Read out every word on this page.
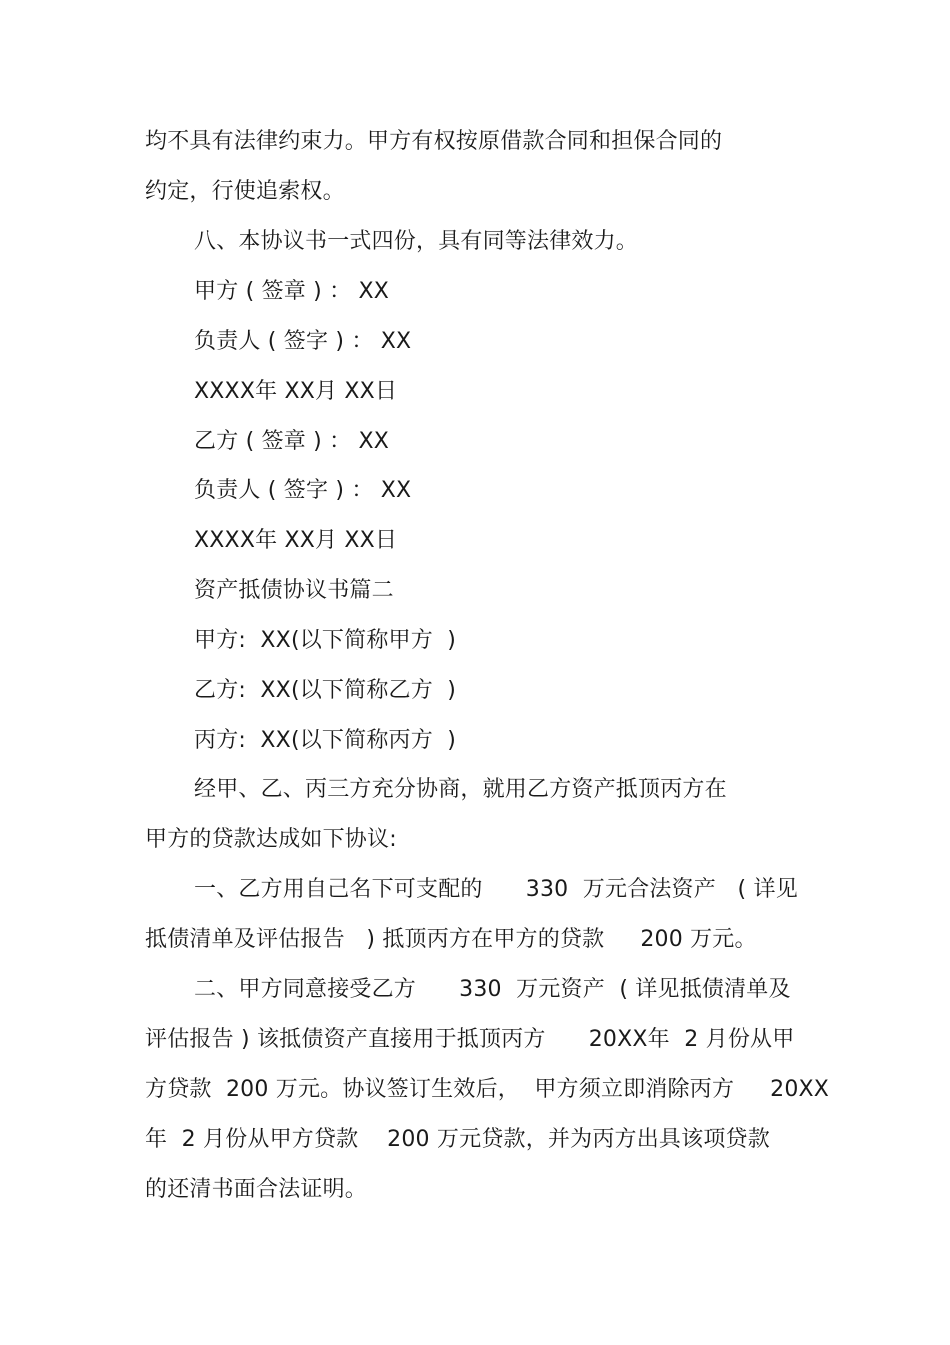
均不具有法律约束力。甲方有权按原借款合同和担保合同的
约定，行使追索权。
八、本协议书一式四份，具有同等法律效力。
甲方 ( 签章 ) ： XX
负责人 ( 签字 ) ： XX
XXXX年 XX月 XX日
乙方 ( 签章 ) ： XX
负责人 ( 签字 ) ： XX
XXXX年 XX月 XX日
资产抵债协议书篇二
甲方:  XX(以下简称甲方  )
乙方:  XX(以下简称乙方  )
丙方:  XX(以下简称丙方  )
经甲、乙、丙三方充分协商，就用乙方资产抵顶丙方在
甲方的贷款达成如下协议:
一、乙方用自己名下可支配的      330  万元合法资产   ( 详见
抵债清单及评估报告   ) 抵顶丙方在甲方的贷款     200 万元。
二、甲方同意接受乙方      330  万元资产  ( 详见抵债清单及
评估报告 ) 该抵债资产直接用于抵顶丙方      20XX年  2 月份从甲
方贷款  200 万元。协议签订生效后，  甲方须立即消除丙方     20XX
年  2 月份从甲方贷款    200 万元贷款，并为丙方出具该项贷款
的还清书面合法证明。
